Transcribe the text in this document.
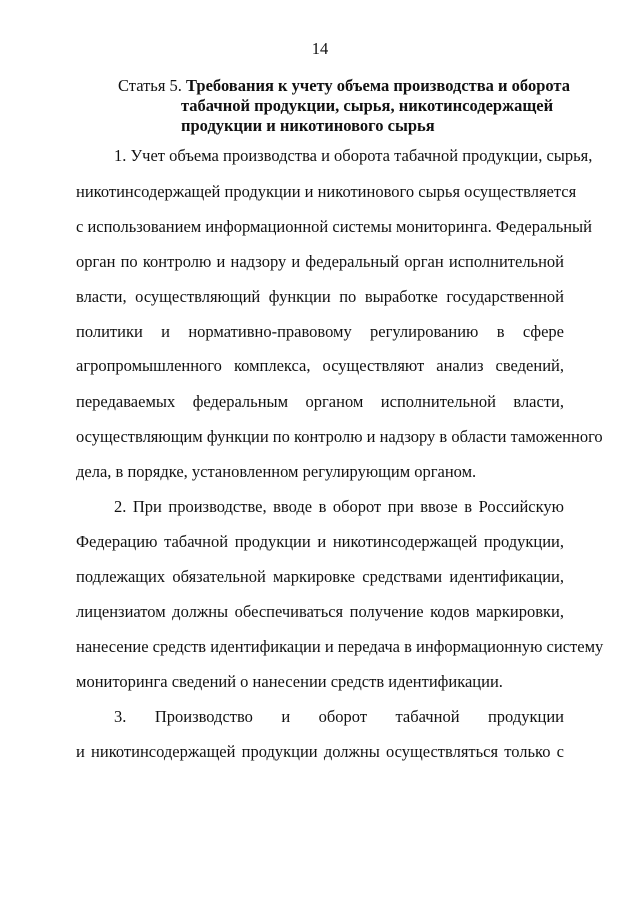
14
Статья 5. Требования к учету объема производства и оборота
табачной продукции, сырья, никотинсодержащей
продукции и никотинового сырья
1. Учет объема производства и оборота табачной продукции, сырья,
никотинсодержащей продукции и никотинового сырья осуществляется
с использованием информационной системы мониторинга. Федеральный
орган по контролю и надзору и федеральный орган исполнительной
власти, осуществляющий функции по выработке государственной
политики и нормативно-правовому регулированию в сфере
агропромышленного комплекса, осуществляют анализ сведений,
передаваемых федеральным органом исполнительной власти,
осуществляющим функции по контролю и надзору в области таможенного
дела, в порядке, установленном регулирующим органом.
2. При производстве, вводе в оборот при ввозе в Российскую
Федерацию табачной продукции и никотинсодержащей продукции,
подлежащих обязательной маркировке средствами идентификации,
лицензиатом должны обеспечиваться получение кодов маркировки,
нанесение средств идентификации и передача в информационную систему
мониторинга сведений о нанесении средств идентификации.
3. Производство и оборот табачной продукции
и никотинсодержащей продукции должны осуществляться только с
